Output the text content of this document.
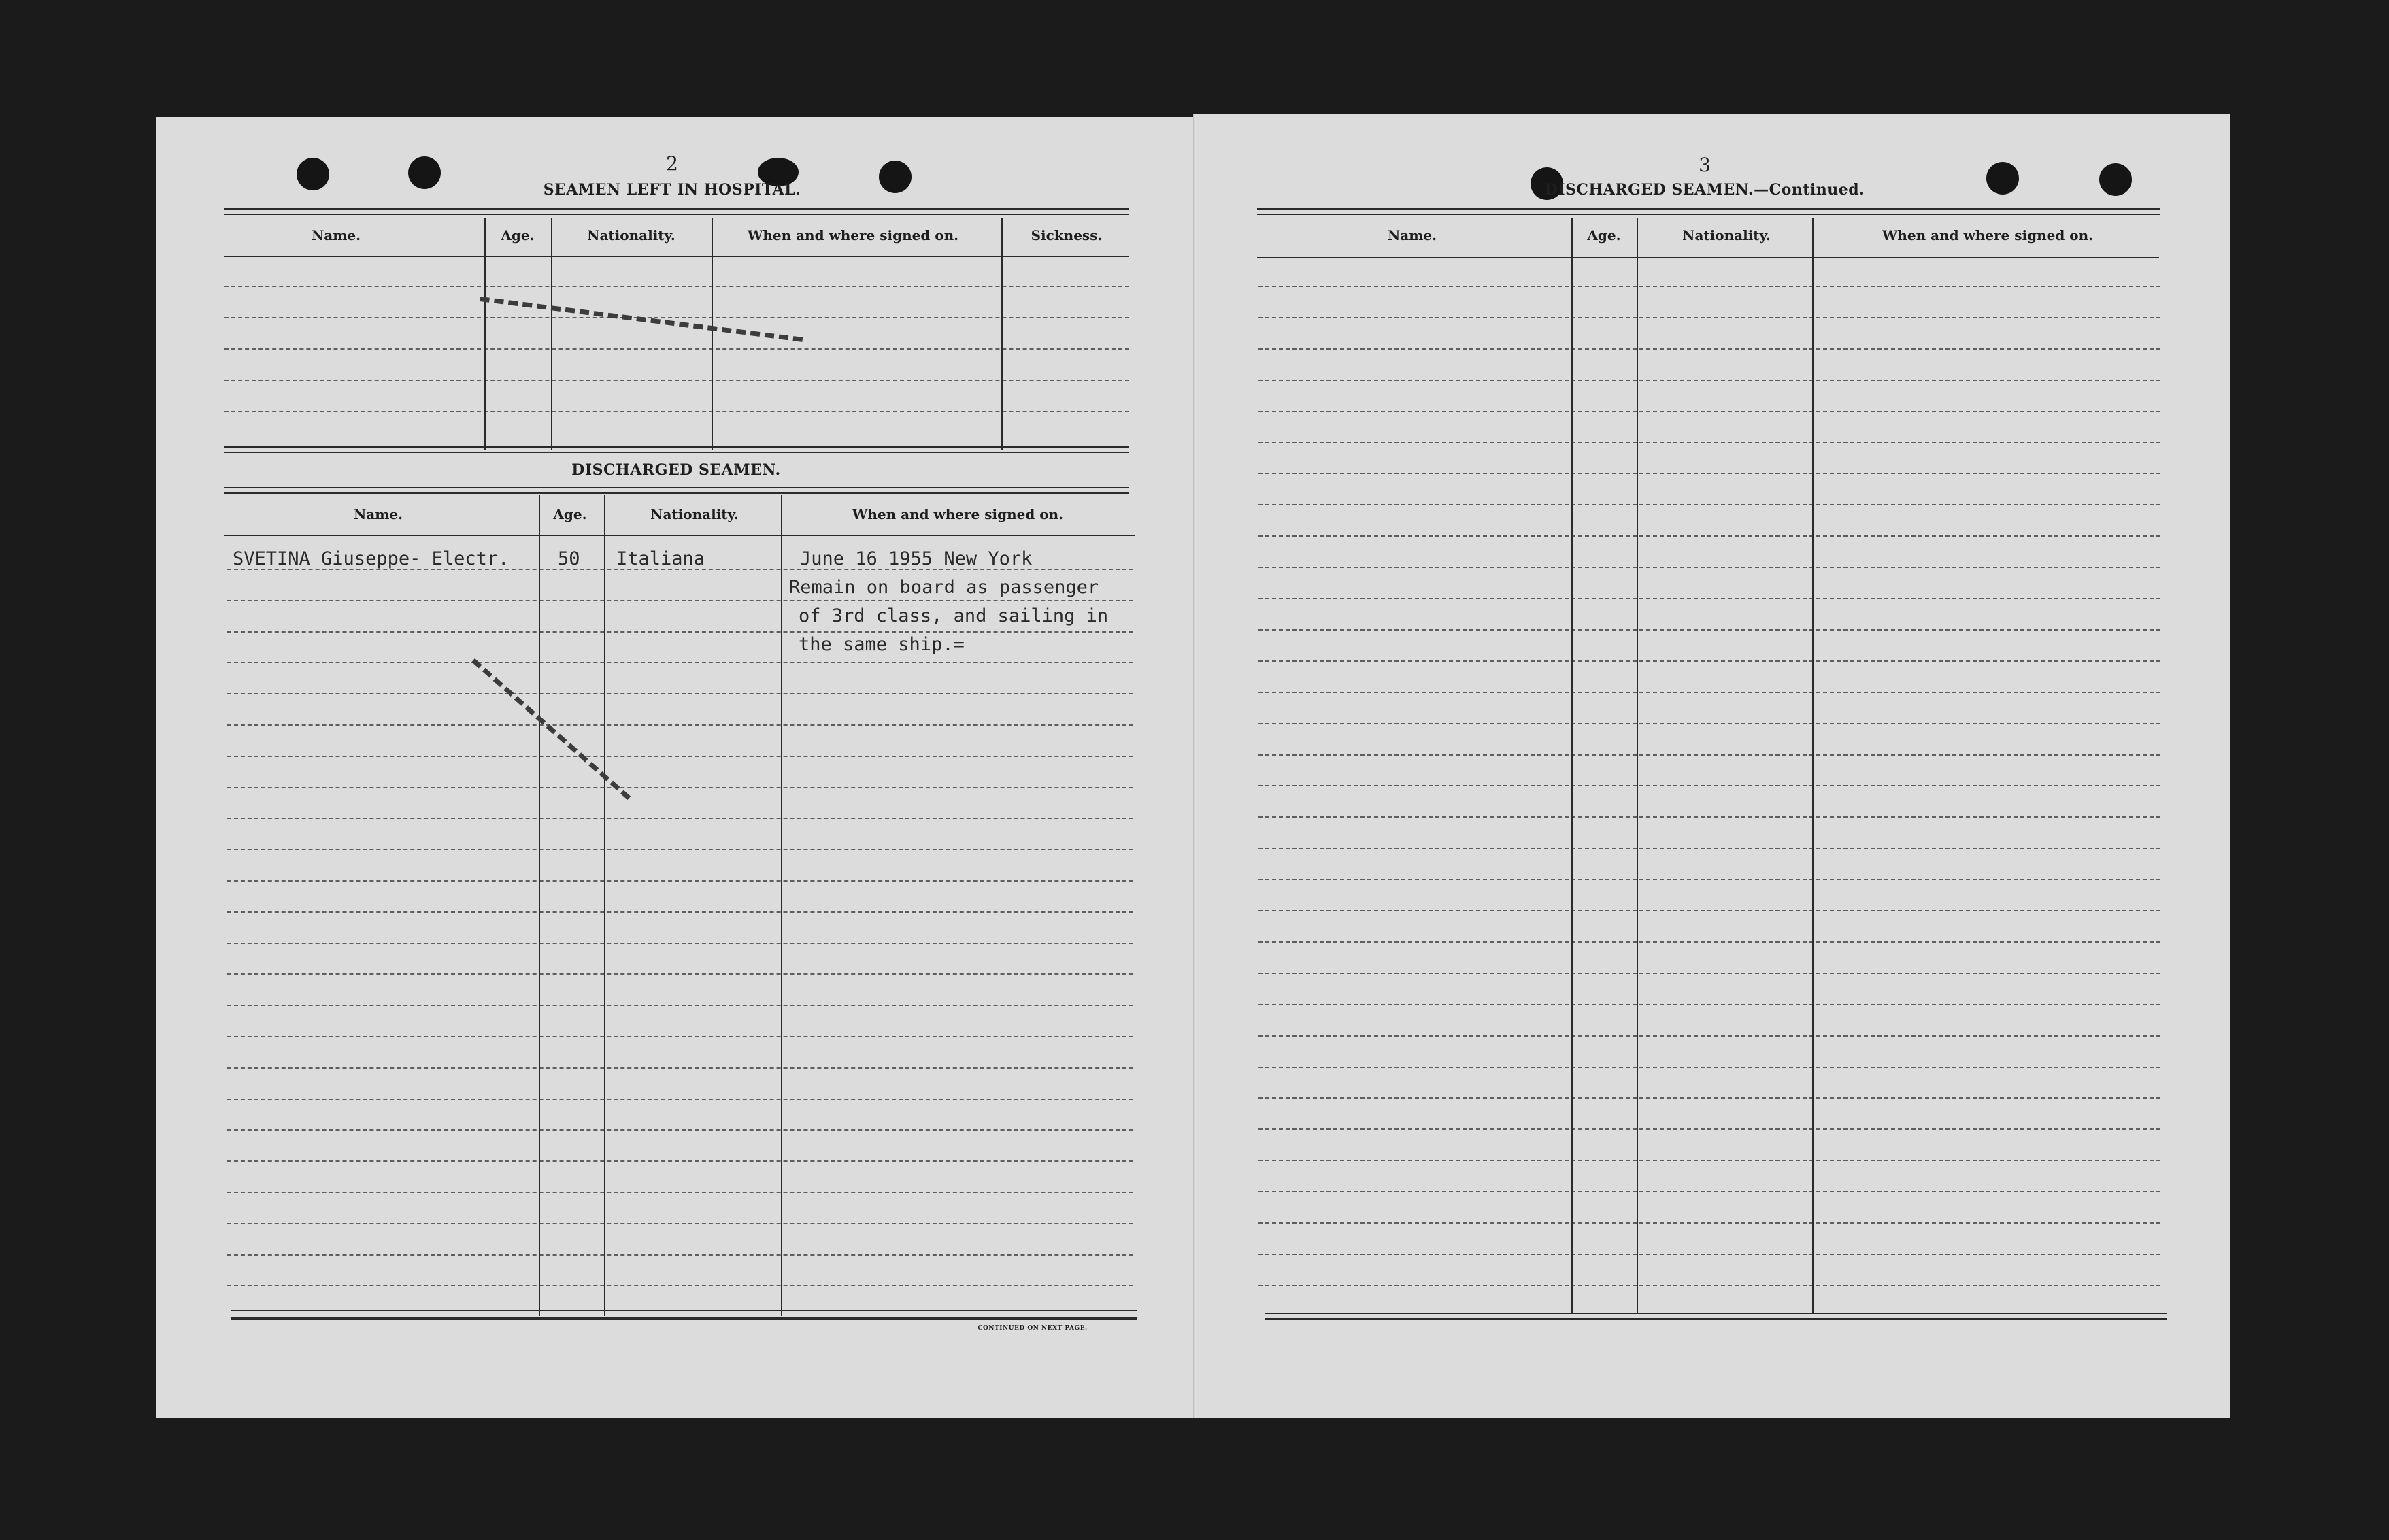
2
SEAMEN LEFT IN HOSPITAL.
Name.	Age.	Nationality.	When and where signed on.	Sickness.
DISCHARGED SEAMEN.
Name.	Age.	Nationality.	When and where signed on.
CONTINUED ON NEXT PAGE.
SVETINA Giuseppe- Electr.	50 Italiana	June 16 1955 New York
Remain on board as passenger
of 3rd class, and sailing in
the same ship.=
3
DISCHARGED SEAMEN.—Continued.
Name.	Age.	Nationality.	When and where signed on.
